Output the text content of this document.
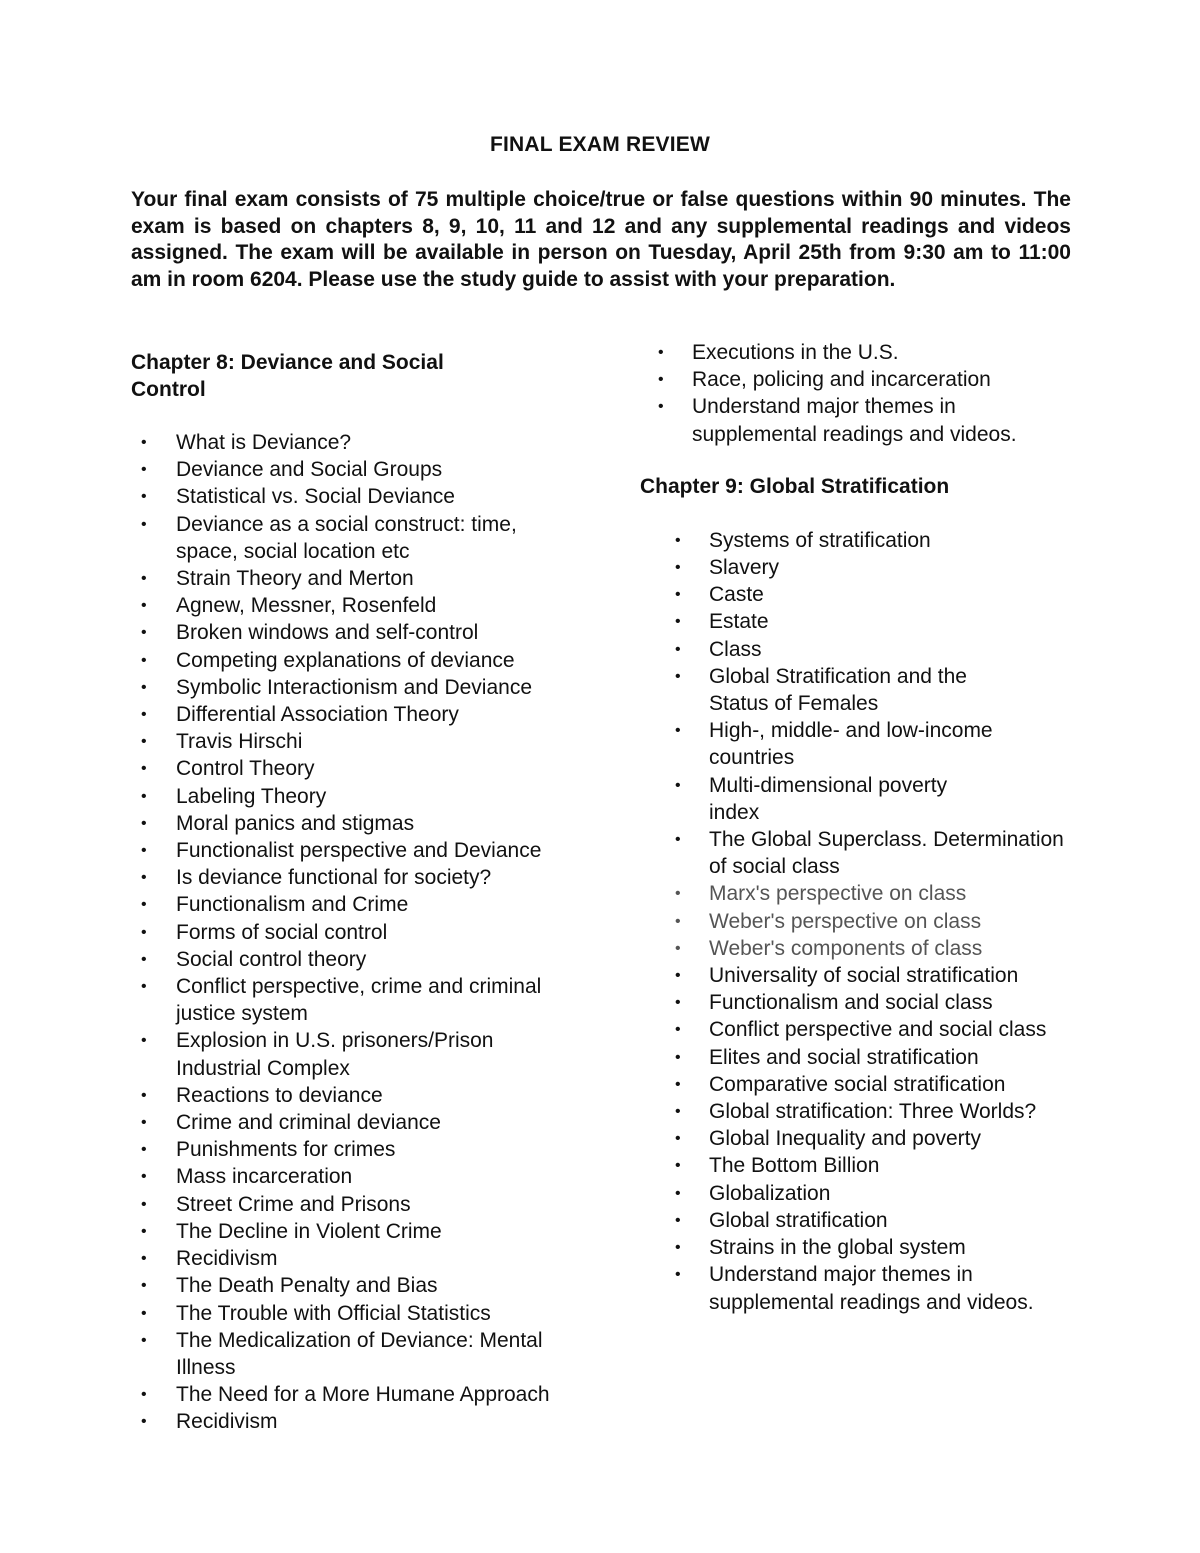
FINAL EXAM REVIEW
Your final exam consists of 75 multiple choice/true or false questions within 90 minutes. The exam is based on chapters 8, 9, 10, 11 and 12 and any supplemental readings and videos assigned. The exam will be available in person on Tuesday, April 25th from 9:30 am to 11:00 am in room 6204. Please use the study guide to assist with your preparation.
Chapter 8: Deviance and Social Control
• What is Deviance?
• Deviance and Social Groups
• Statistical vs. Social Deviance
• Deviance as a social construct: time, space, social location etc
• Strain Theory and Merton
• Agnew, Messner, Rosenfeld
• Broken windows and self-control
• Competing explanations of deviance
• Symbolic Interactionism and Deviance
• Differential Association Theory
• Travis Hirschi
• Control Theory
• Labeling Theory
• Moral panics and stigmas
• Functionalist perspective and Deviance
• Is deviance functional for society?
• Functionalism and Crime
• Forms of social control
• Social control theory
• Conflict perspective, crime and criminal justice system
• Explosion in U.S. prisoners/Prison Industrial Complex
• Reactions to deviance
• Crime and criminal deviance
• Punishments for crimes
• Mass incarceration
• Street Crime and Prisons
• The Decline in Violent Crime
• Recidivism
• The Death Penalty and Bias
• The Trouble with Official Statistics
• The Medicalization of Deviance: Mental Illness
• The Need for a More Humane Approach
• Recidivism
• Executions in the U.S.
• Race, policing and incarceration
• Understand major themes in supplemental readings and videos.
Chapter 9: Global Stratification
• Systems of stratification
• Slavery
• Caste
• Estate
• Class
• Global Stratification and the Status of Females
• High-, middle- and low-income countries
• Multi-dimensional poverty index
• The Global Superclass. Determination of social class
• Marx's perspective on class
• Weber's perspective on class
• Weber's components of class
• Universality of social stratification
• Functionalism and social class
• Conflict perspective and social class
• Elites and social stratification
• Comparative social stratification
• Global stratification: Three Worlds?
• Global Inequality and poverty
• The Bottom Billion
• Globalization
• Global stratification
• Strains in the global system
• Understand major themes in supplemental readings and videos.
